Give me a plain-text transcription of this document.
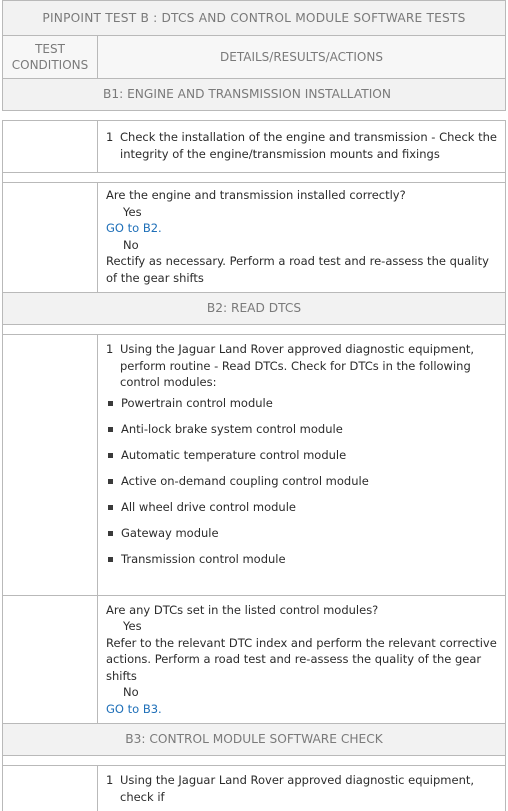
PINPOINT TEST B : DTCS AND CONTROL MODULE SOFTWARE TESTS
TEST CONDITIONS
DETAILS/RESULTS/ACTIONS
B1: ENGINE AND TRANSMISSION INSTALLATION
1 Check the installation of the engine and transmission - Check the integrity of the engine/transmission mounts and fixings
Are the engine and transmission installed correctly?
Yes
GO to B2.
No
Rectify as necessary. Perform a road test and re-assess the quality of the gear shifts
B2: READ DTCS
1 Using the Jaguar Land Rover approved diagnostic equipment, perform routine - Read DTCs. Check for DTCs in the following control modules:
Powertrain control module
Anti-lock brake system control module
Automatic temperature control module
Active on-demand coupling control module
All wheel drive control module
Gateway module
Transmission control module
Are any DTCs set in the listed control modules?
Yes
Refer to the relevant DTC index and perform the relevant corrective actions. Perform a road test and re-assess the quality of the gear shifts
No
GO to B3.
B3: CONTROL MODULE SOFTWARE CHECK
1 Using the Jaguar Land Rover approved diagnostic equipment, check if
